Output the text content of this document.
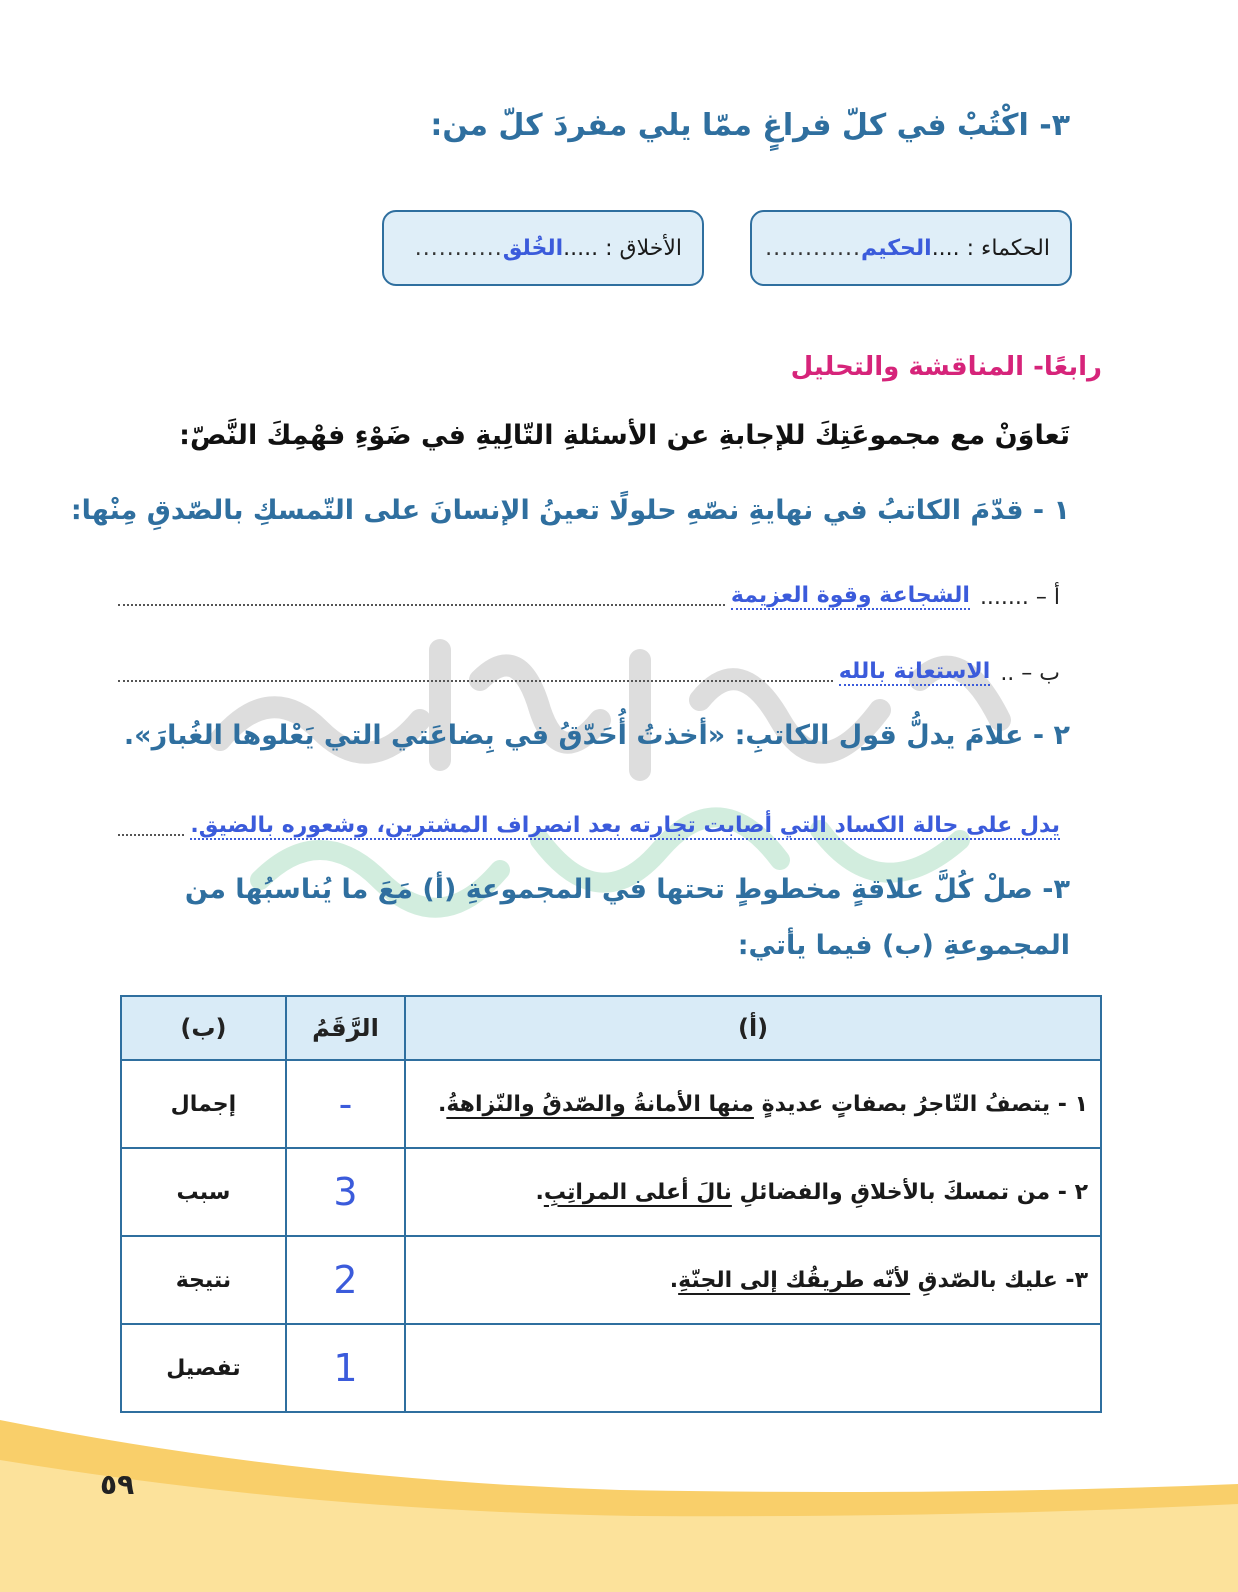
٣- اكْتُبْ في كلّ فراغٍ ممّا يلي مفردَ كلّ من:
الحكماء : ....
الحكيم
............
الأخلاق : .....
الخُلق
...........
رابعًا- المناقشة والتحليل
تَعاوَنْ مع مجموعَتِكَ للإجابةِ عن الأسئلةِ التّالِيةِ في ضَوْءِ فهْمِكَ النَّصّ:
١ - قدّمَ الكاتبُ في نهايةِ نصّهِ حلولًا تعينُ الإنسانَ على التّمسكِ بالصّدقِ مِنْها:
أ – .......
الشجاعة وقوة العزيمة
ب – ..
الاستعانة بالله
٢ - علامَ يدلُّ قول الكاتبِ: «أخذتُ أُحَدّقُ في بِضاعَتي التي يَعْلوها الغُبارَ».
يدل على حالة الكساد التي أصابت تجارته بعد انصراف المشترين، وشعوره بالضيق.
٣- صلْ كُلَّ علاقةٍ مخطوطٍ تحتها في المجموعةِ (أ) مَعَ ما يُناسبُها من المجموعةِ (ب) فيما يأتي:
(أ)	الرَّقَمُ	(ب)
١ - يتصفُ التّاجرُ بصفاتٍ عديدةٍ منها الأمانةُ والصّدقُ والنّزاهةُ.	-	إجمال
٢ - من تمسكَ بالأخلاقِ والفضائلِ نالَ أعلى المراتِبِ.	3	سبب
٣- عليك بالصّدقِ لأنّه طريقُك إلى الجنّةِ.	2	نتيجة
	1	تفصيل
٥٩
